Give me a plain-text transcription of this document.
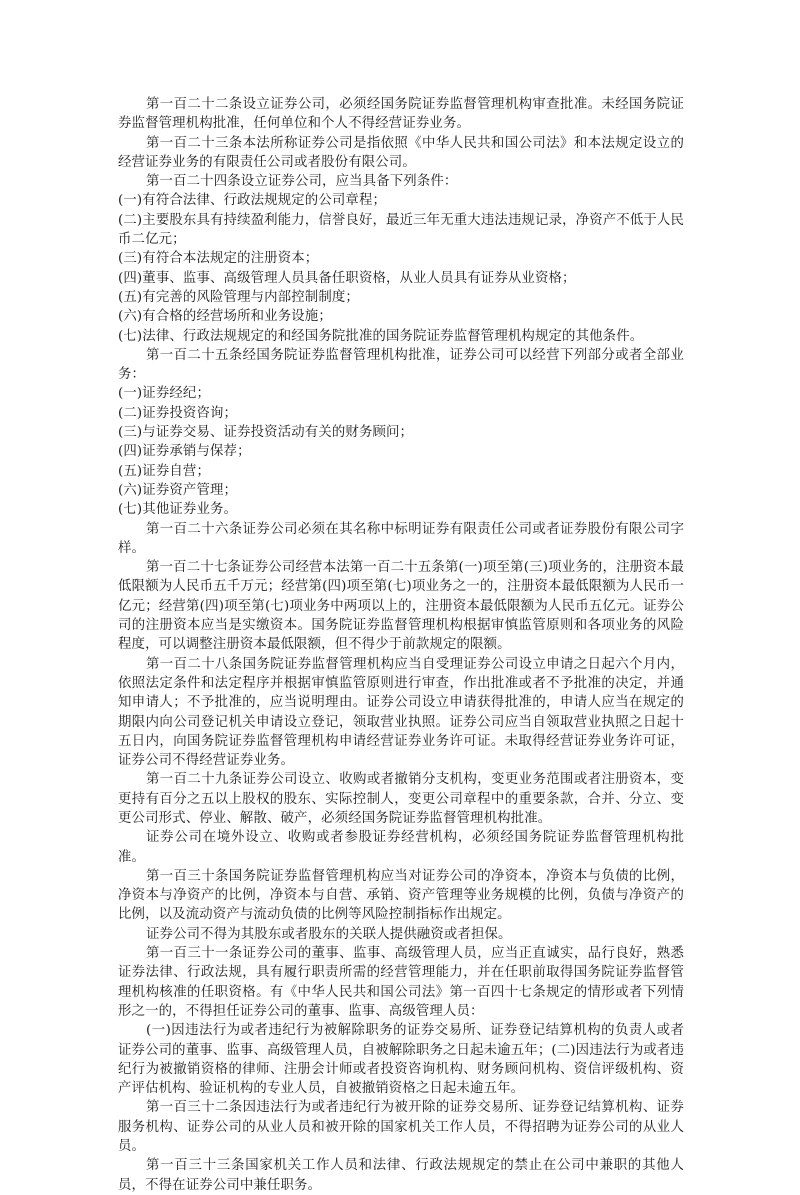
第一百二十二条设立证券公司，必须经国务院证券监督管理机构审查批准。未经国务院证券监督管理机构批准，任何单位和个人不得经营证券业务。

第一百二十三条本法所称证券公司是指依照《中华人民共和国公司法》和本法规定设立的经营证券业务的有限责任公司或者股份有限公司。

第一百二十四条设立证券公司，应当具备下列条件：

(一)有符合法律、行政法规规定的公司章程；

(二)主要股东具有持续盈利能力，信誉良好，最近三年无重大违法违规记录，净资产不低于人民币二亿元；

(三)有符合本法规定的注册资本；

(四)董事、监事、高级管理人员具备任职资格，从业人员具有证券从业资格；

(五)有完善的风险管理与内部控制制度；

(六)有合格的经营场所和业务设施；

(七)法律、行政法规规定的和经国务院批准的国务院证券监督管理机构规定的其他条件。

第一百二十五条经国务院证券监督管理机构批准，证券公司可以经营下列部分或者全部业务：

(一)证券经纪；

(二)证券投资咨询；

(三)与证券交易、证券投资活动有关的财务顾问；

(四)证券承销与保荐；

(五)证券自营；

(六)证券资产管理；

(七)其他证券业务。

第一百二十六条证券公司必须在其名称中标明证券有限责任公司或者证券股份有限公司字样。

第一百二十七条证券公司经营本法第一百二十五条第(一)项至第(三)项业务的，注册资本最低限额为人民币五千万元；经营第(四)项至第(七)项业务之一的，注册资本最低限额为人民币一亿元；经营第(四)项至第(七)项业务中两项以上的，注册资本最低限额为人民币五亿元。证券公司的注册资本应当是实缴资本。国务院证券监督管理机构根据审慎监管原则和各项业务的风险程度，可以调整注册资本最低限额，但不得少于前款规定的限额。

第一百二十八条国务院证券监督管理机构应当自受理证券公司设立申请之日起六个月内，依照法定条件和法定程序并根据审慎监管原则进行审查，作出批准或者不予批准的决定，并通知申请人；不予批准的，应当说明理由。证券公司设立申请获得批准的，申请人应当在规定的期限内向公司登记机关申请设立登记，领取营业执照。证券公司应当自领取营业执照之日起十五日内，向国务院证券监督管理机构申请经营证券业务许可证。未取得经营证券业务许可证，证券公司不得经营证券业务。

第一百二十九条证券公司设立、收购或者撤销分支机构，变更业务范围或者注册资本，变更持有百分之五以上股权的股东、实际控制人，变更公司章程中的重要条款，合并、分立、变更公司形式、停业、解散、破产，必须经国务院证券监督管理机构批准。

证券公司在境外设立、收购或者参股证券经营机构，必须经国务院证券监督管理机构批准。

第一百三十条国务院证券监督管理机构应当对证券公司的净资本，净资本与负债的比例，净资本与净资产的比例，净资本与自营、承销、资产管理等业务规模的比例，负债与净资产的比例，以及流动资产与流动负债的比例等风险控制指标作出规定。

证券公司不得为其股东或者股东的关联人提供融资或者担保。

第一百三十一条证券公司的董事、监事、高级管理人员，应当正直诚实，品行良好，熟悉证券法律、行政法规，具有履行职责所需的经营管理能力，并在任职前取得国务院证券监督管理机构核准的任职资格。有《中华人民共和国公司法》第一百四十七条规定的情形或者下列情形之一的，不得担任证券公司的董事、监事、高级管理人员：

(一)因违法行为或者违纪行为被解除职务的证券交易所、证券登记结算机构的负责人或者证券公司的董事、监事、高级管理人员，自被解除职务之日起未逾五年；(二)因违法行为或者违纪行为被撤销资格的律师、注册会计师或者投资咨询机构、财务顾问机构、资信评级机构、资产评估机构、验证机构的专业人员，自被撤销资格之日起未逾五年。

第一百三十二条因违法行为或者违纪行为被开除的证券交易所、证券登记结算机构、证券服务机构、证券公司的从业人员和被开除的国家机关工作人员，不得招聘为证券公司的从业人员。

第一百三十三条国家机关工作人员和法律、行政法规规定的禁止在公司中兼职的其他人员，不得在证券公司中兼任职务。
